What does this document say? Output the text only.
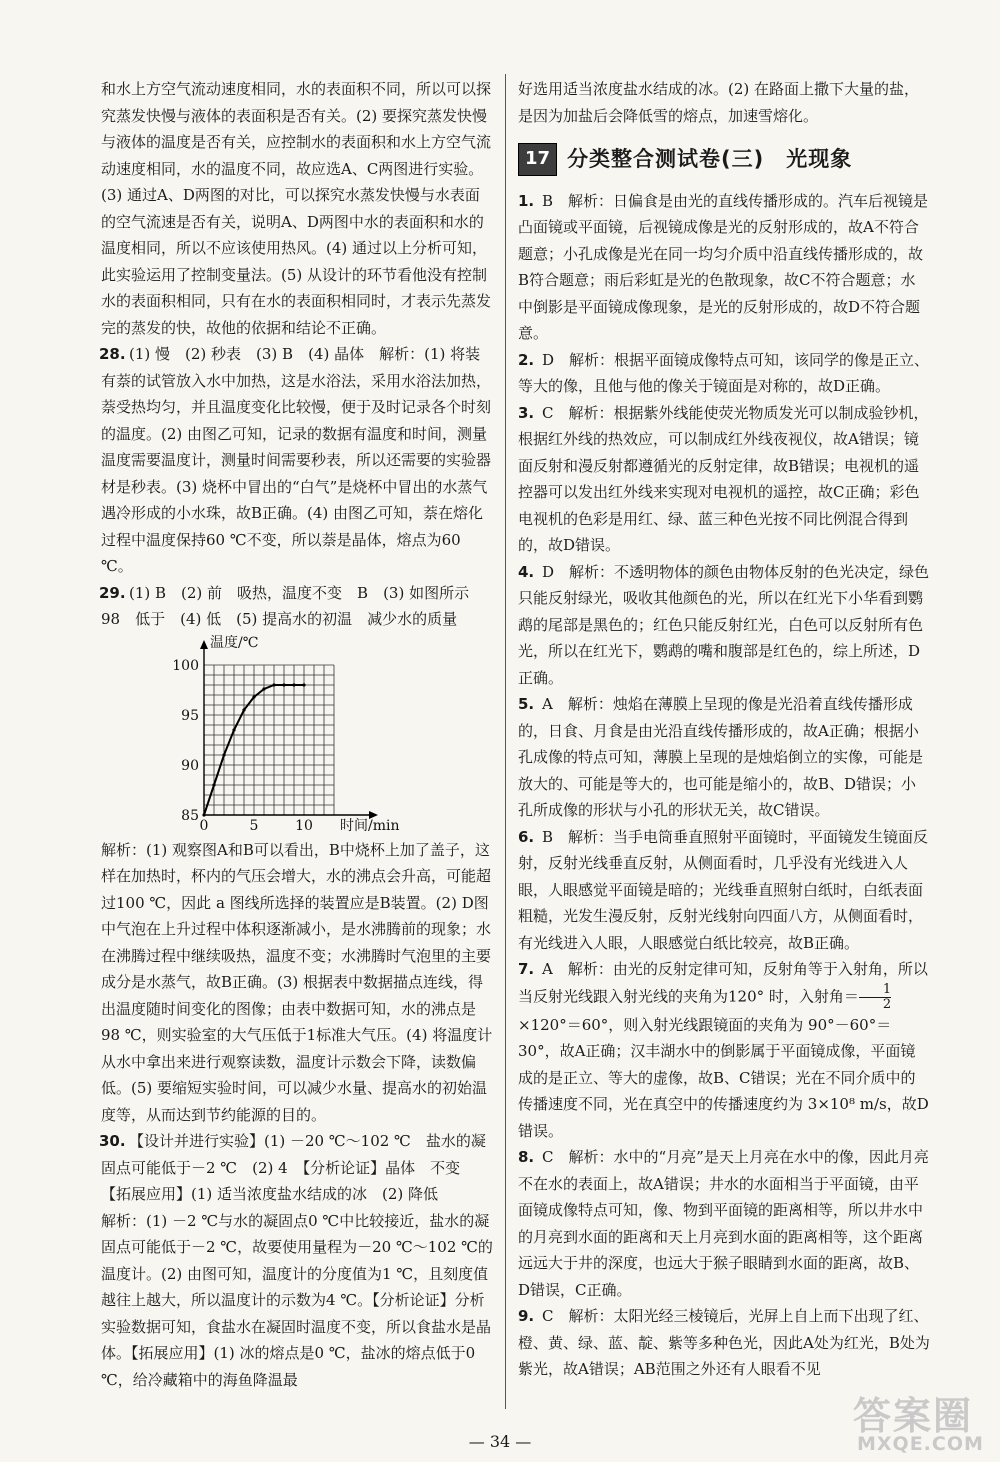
和水上方空气流动速度相同，水的表面积不同，所以可以探究蒸发快慢与液体的表面积是否有关。(2) 要探究蒸发快慢与液体的温度是否有关，应控制水的表面积和水上方空气流动速度相同，水的温度不同，故应选A、C两图进行实验。(3) 通过A、D两图的对比，可以探究水蒸发快慢与水表面的空气流速是否有关，说明A、D两图中水的表面积和水的温度相同，所以不应该使用热风。(4) 通过以上分析可知，此实验运用了控制变量法。(5) 从设计的环节看他没有控制水的表面积相同，只有在水的表面积相同时，才表示先蒸发完的蒸发的快，故他的依据和结论不正确。

28. (1) 慢　(2) 秒表　(3) B　(4) 晶体　解析：(1) 将装有萘的试管放入水中加热，这是水浴法，采用水浴法加热，萘受热均匀，并且温度变化比较慢，便于及时记录各个时刻的温度。(2) 由图乙可知，记录的数据有温度和时间，测量温度需要温度计，测量时间需要秒表，所以还需要的实验器材是秒表。(3) 烧杯中冒出的“白气”是烧杯中冒出的水蒸气遇冷形成的小水珠，故B正确。(4) 由图乙可知，萘在熔化过程中温度保持60 ℃不变，所以萘是晶体，熔点为60 ℃。
29. (1) B　(2) 前　吸热，温度不变　B　(3) 如图所示　98　低于　(4) 低　(5) 提高水的初温　减少水的质量
85
90
95
100
0	5	10
温度/℃
时间/min

解析：(1) 观察图A和B可以看出，B中烧杯上加了盖子，这样在加热时，杯内的气压会增大，水的沸点会升高，可能超过100 ℃，因此 a 图线所选择的装置应是B装置。(2) D图中气泡在上升过程中体积逐渐减小，是水沸腾前的现象；水在沸腾过程中继续吸热，温度不变；水沸腾时气泡里的主要成分是水蒸气，故B正确。(3) 根据表中数据描点连线，得出温度随时间变化的图像；由表中数据可知，水的沸点是98 ℃，则实验室的大气压低于1标准大气压。(4) 将温度计从水中拿出来进行观察读数，温度计示数会下降，读数偏低。(5) 要缩短实验时间，可以减少水量、提高水的初始温度等，从而达到节约能源的目的。

30. 【设计并进行实验】(1) －20 ℃～102 ℃　盐水的凝固点可能低于－2 ℃　(2) 4　【分析论证】晶体　不变　【拓展应用】(1) 适当浓度盐水结成的冰　(2) 降低

解析：(1) －2 ℃与水的凝固点0 ℃中比较接近，盐水的凝固点可能低于－2 ℃，故要使用量程为－20 ℃～102 ℃的温度计。(2) 由图可知，温度计的分度值为1 ℃，且刻度值越往上越大，所以温度计的示数为4 ℃。【分析论证】分析实验数据可知，食盐水在凝固时温度不变，所以食盐水是晶体。【拓展应用】(1) 冰的熔点是0 ℃，盐冰的熔点低于0 ℃，给冷藏箱中的海鱼降温最

好选用适当浓度盐水结成的冰。(2) 在路面上撒下大量的盐，是因为加盐后会降低雪的熔点，加速雪熔化。

17 分类整合测试卷(三)　光现象
1. B　解析：日偏食是由光的直线传播形成的。汽车后视镜是凸面镜或平面镜，后视镜成像是光的反射形成的，故A不符合题意；小孔成像是光在同一均匀介质中沿直线传播形成的，故B符合题意；雨后彩虹是光的色散现象，故C不符合题意；水中倒影是平面镜成像现象，是光的反射形成的，故D不符合题意。
2. D　解析：根据平面镜成像特点可知，该同学的像是正立、等大的像，且他与他的像关于镜面是对称的，故D正确。
3. C　解析：根据紫外线能使荧光物质发光可以制成验钞机，根据红外线的热效应，可以制成红外线夜视仪，故A错误；镜面反射和漫反射都遵循光的反射定律，故B错误；电视机的遥控器可以发出红外线来实现对电视机的遥控，故C正确；彩色电视机的色彩是用红、绿、蓝三种色光按不同比例混合得到的，故D错误。
4. D　解析：不透明物体的颜色由物体反射的色光决定，绿色只能反射绿光，吸收其他颜色的光，所以在红光下小华看到鹦鹉的尾部是黑色的；红色只能反射红光，白色可以反射所有色光，所以在红光下，鹦鹉的嘴和腹部是红色的，综上所述，D正确。
5. A　解析：烛焰在薄膜上呈现的像是光沿着直线传播形成的，日食、月食是由光沿直线传播形成的，故A正确；根据小孔成像的特点可知，薄膜上呈现的是烛焰倒立的实像，可能是放大的、可能是等大的，也可能是缩小的，故B、D错误；小孔所成像的形状与小孔的形状无关，故C错误。
6. B　解析：当手电筒垂直照射平面镜时，平面镜发生镜面反射，反射光线垂直反射，从侧面看时，几乎没有光线进入人眼，人眼感觉平面镜是暗的；光线垂直照射白纸时，白纸表面粗糙，光发生漫反射，反射光线射向四面八方，从侧面看时，有光线进入人眼，人眼感觉白纸比较亮，故B正确。
7. A　解析：由光的反射定律可知，反射角等于入射角，所以当反射光线跟入射光线的夹角为120° 时，入射角＝ $\frac{1}{2}$
×120°＝60°，则入射光线跟镜面的夹角为 90°－60°＝30°，故A正确；汉丰湖水中的倒影属于平面镜成像，平面镜成的是正立、等大的虚像，故B、C错误；光在不同介质中的传播速度不同，光在真空中的传播速度约为 3×10⁸ m/s，故D错误。
8. C　解析：水中的“月亮”是天上月亮在水中的像，因此月亮不在水的表面上，故A错误；井水的水面相当于平面镜，由平面镜成像特点可知，像、物到平面镜的距离相等，所以井水中的月亮到水面的距离和天上月亮到水面的距离相等，这个距离远远大于井的深度，也远大于猴子眼睛到水面的距离，故B、D错误，C正确。
9. C　解析：太阳光经三棱镜后，光屏上自上而下出现了红、橙、黄、绿、蓝、靛、紫等多种色光，因此A处为红光，B处为紫光，故A错误；AB范围之外还有人眼看不见
— 34 —
答案圈
MXQE.COM
